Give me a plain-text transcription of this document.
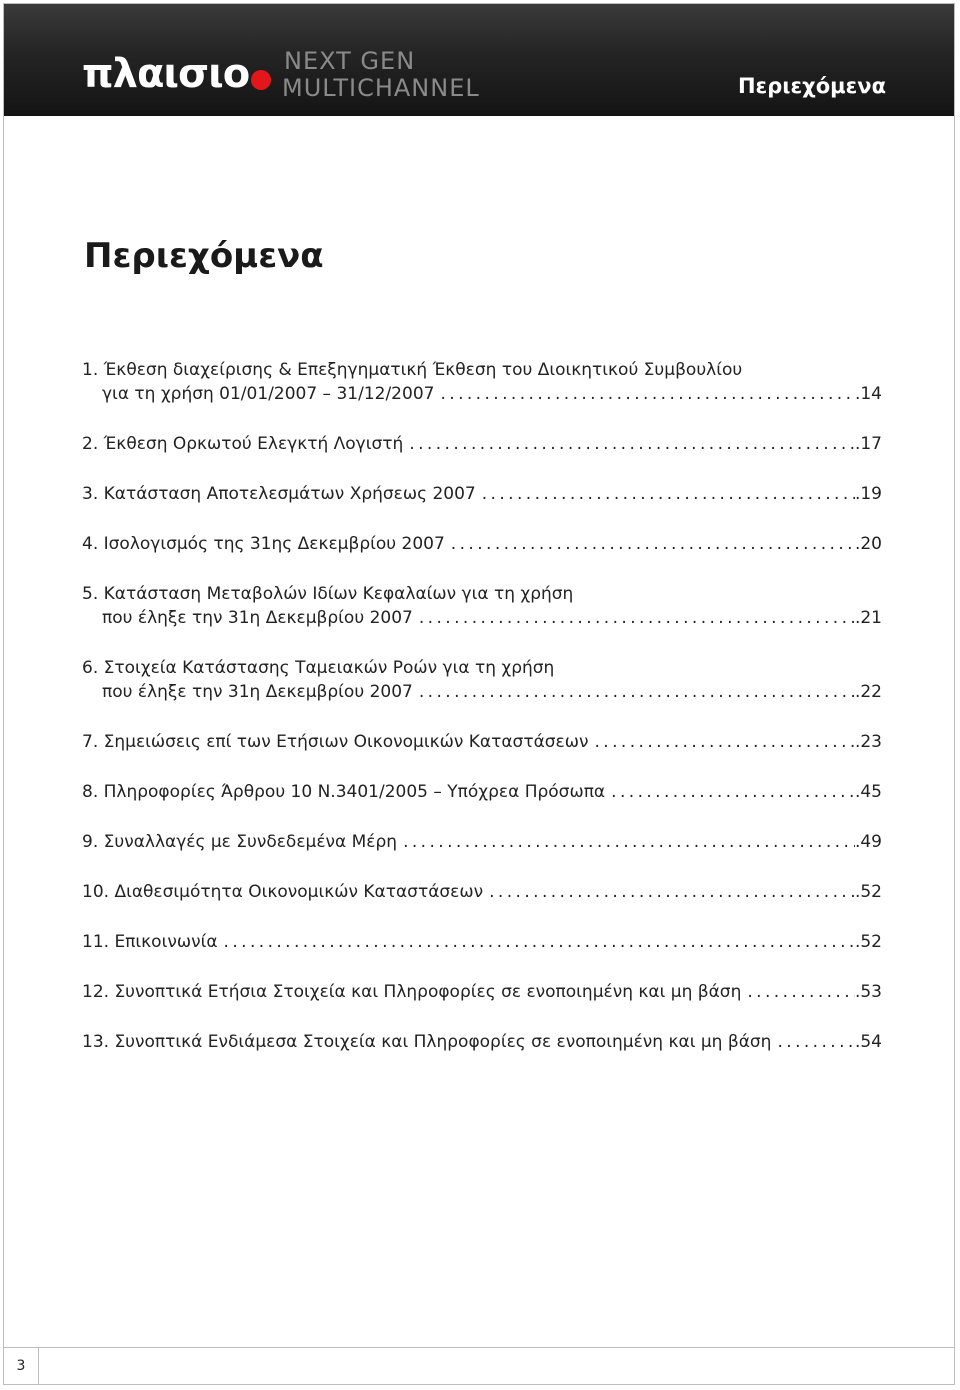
πλαισιο NEXT GEN
MULTICHANNEL	Περιεχόμενα
Περιεχόμενα
1. Έκθεση διαχείρισης & Επεξηγηματική Έκθεση του Διοικητικού Συμβουλίου
για τη χρήση 01/01/2007 – 31/12/2007 . . .	.14
2. Έκθεση Ορκωτού Ελεγκτή Λογιστή . . .	.17
3. Κατάσταση Αποτελεσμάτων Χρήσεως 2007 . . .	.19
4. Ισολογισμός της 31ης Δεκεμβρίου 2007 . . .	.20
5. Κατάσταση Μεταβολών Ιδίων Κεφαλαίων για τη χρήση
που έληξε την 31η Δεκεμβρίου 2007 . . .	.21
6. Στοιχεία Κατάστασης Ταμειακών Ροών για τη χρήση
που έληξε την 31η Δεκεμβρίου 2007 . . .	.22
7. Σημειώσεις επί των Ετήσιων Οικονομικών Καταστάσεων . . .	.23
8. Πληροφορίες Άρθρου 10 Ν.3401/2005 – Υπόχρεα Πρόσωπα . . .	.45
9. Συναλλαγές με Συνδεδεμένα Μέρη . . .	.49
10. Διαθεσιμότητα Οικονομικών Καταστάσεων . . .	.52
11. Επικοινωνία . . .	.52
12. Συνοπτικά Ετήσια Στοιχεία και Πληροφορίες σε ενοποιημένη και μη βάση . . .	.53
13. Συνοπτικά Ενδιάμεσα Στοιχεία και Πληροφορίες σε ενοποιημένη και μη βάση . . .	.54
3
